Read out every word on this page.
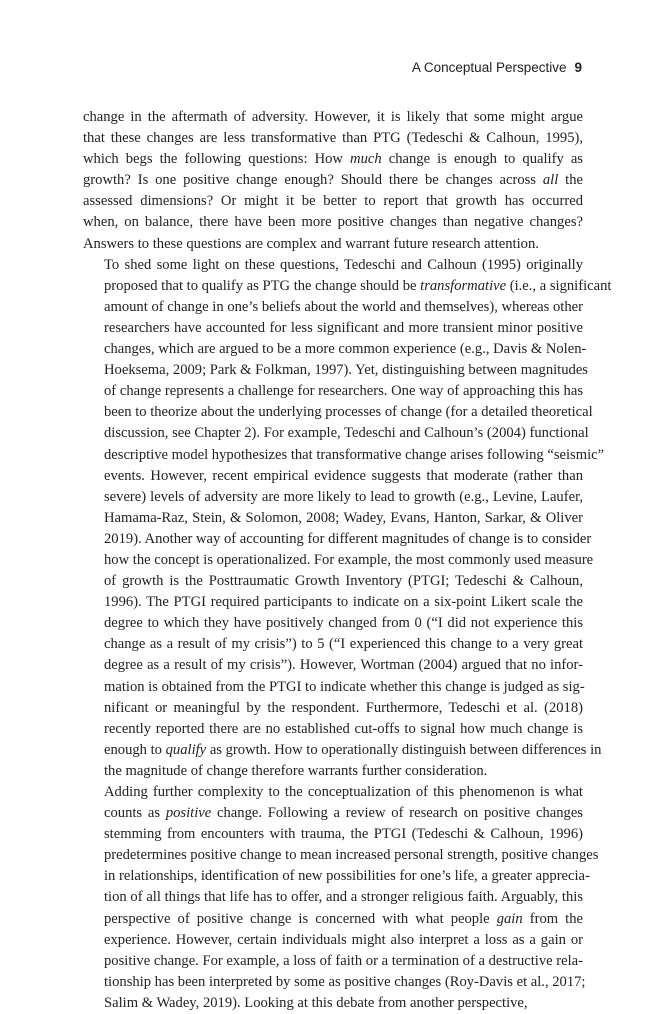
A Conceptual Perspective 9
change in the aftermath of adversity. However, it is likely that some might argue
that these changes are less transformative than PTG (Tedeschi & Calhoun, 1995),
which begs the following questions: How much change is enough to qualify as
growth? Is one positive change enough? Should there be changes across all the
assessed dimensions? Or might it be better to report that growth has occurred
when, on balance, there have been more positive changes than negative changes?
Answers to these questions are complex and warrant future research attention.
To shed some light on these questions, Tedeschi and Calhoun (1995) originally
proposed that to qualify as PTG the change should be transformative (i.e., a significant
amount of change in one’s beliefs about the world and themselves), whereas other
researchers have accounted for less significant and more transient minor positive
changes, which are argued to be a more common experience (e.g., Davis & Nolen-
Hoeksema, 2009; Park & Folkman, 1997). Yet, distinguishing between magnitudes
of change represents a challenge for researchers. One way of approaching this has
been to theorize about the underlying processes of change (for a detailed theoretical
discussion, see Chapter 2). For example, Tedeschi and Calhoun’s (2004) functional
descriptive model hypothesizes that transformative change arises following “seismic”
events. However, recent empirical evidence suggests that moderate (rather than
severe) levels of adversity are more likely to lead to growth (e.g., Levine, Laufer,
Hamama-Raz, Stein, & Solomon, 2008; Wadey, Evans, Hanton, Sarkar, & Oliver
2019). Another way of accounting for different magnitudes of change is to consider
how the concept is operationalized. For example, the most commonly used measure
of growth is the Posttraumatic Growth Inventory (PTGI; Tedeschi & Calhoun,
1996). The PTGI required participants to indicate on a six-point Likert scale the
degree to which they have positively changed from 0 (“I did not experience this
change as a result of my crisis”) to 5 (“I experienced this change to a very great
degree as a result of my crisis”). However, Wortman (2004) argued that no infor-
mation is obtained from the PTGI to indicate whether this change is judged as sig-
nificant or meaningful by the respondent. Furthermore, Tedeschi et al. (2018)
recently reported there are no established cut-offs to signal how much change is
enough to qualify as growth. How to operationally distinguish between differences in
the magnitude of change therefore warrants further consideration.
Adding further complexity to the conceptualization of this phenomenon is what
counts as positive change. Following a review of research on positive changes
stemming from encounters with trauma, the PTGI (Tedeschi & Calhoun, 1996)
predetermines positive change to mean increased personal strength, positive changes
in relationships, identification of new possibilities for one’s life, a greater apprecia-
tion of all things that life has to offer, and a stronger religious faith. Arguably, this
perspective of positive change is concerned with what people gain from the
experience. However, certain individuals might also interpret a loss as a gain or
positive change. For example, a loss of faith or a termination of a destructive rela-
tionship has been interpreted by some as positive changes (Roy-Davis et al., 2017;
Salim & Wadey, 2019). Looking at this debate from another perspective,
